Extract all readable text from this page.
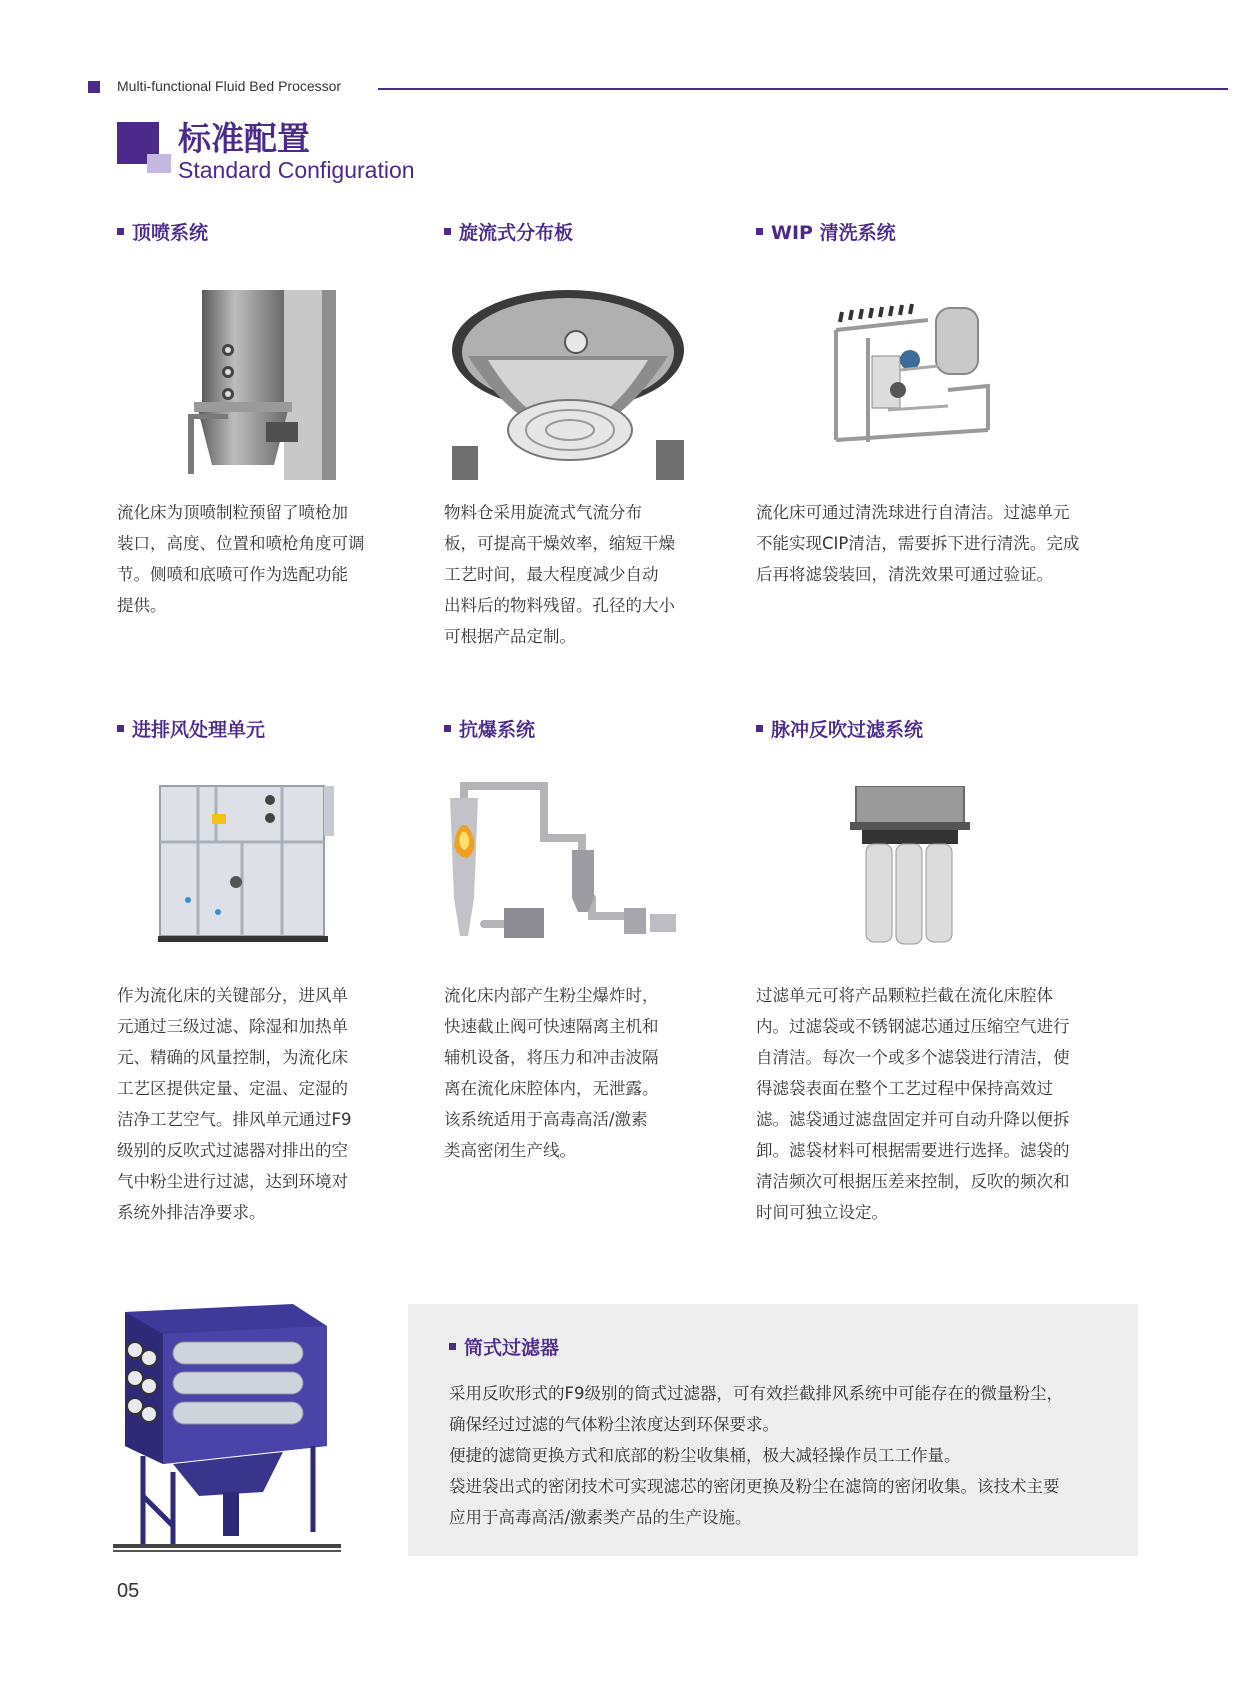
Multi-functional Fluid Bed Processor
标准配置
Standard Configuration
顶喷系统
流化床为顶喷制粒预留了喷枪加
装口，高度、位置和喷枪角度可调
节。侧喷和底喷可作为选配功能
提供。
旋流式分布板
物料仓采用旋流式气流分布
板，可提高干燥效率，缩短干燥
工艺时间，最大程度减少自动
出料后的物料残留。孔径的大小
可根据产品定制。
WIP 清洗系统
流化床可通过清洗球进行自清洁。过滤单元
不能实现CIP清洁，需要拆下进行清洗。完成
后再将滤袋装回，清洗效果可通过验证。
进排风处理单元
作为流化床的关键部分，进风单
元通过三级过滤、除湿和加热单
元、精确的风量控制，为流化床
工艺区提供定量、定温、定湿的
洁净工艺空气。排风单元通过F9
级别的反吹式过滤器对排出的空
气中粉尘进行过滤，达到环境对
系统外排洁净要求。
抗爆系统
流化床内部产生粉尘爆炸时，
快速截止阀可快速隔离主机和
辅机设备，将压力和冲击波隔
离在流化床腔体内，无泄露。
该系统适用于高毒高活/激素
类高密闭生产线。
脉冲反吹过滤系统
过滤单元可将产品颗粒拦截在流化床腔体
内。过滤袋或不锈钢滤芯通过压缩空气进行
自清洁。每次一个或多个滤袋进行清洁，使
得滤袋表面在整个工艺过程中保持高效过
滤。滤袋通过滤盘固定并可自动升降以便拆
卸。滤袋材料可根据需要进行选择。滤袋的
清洁频次可根据压差来控制，反吹的频次和
时间可独立设定。
筒式过滤器
采用反吹形式的F9级别的筒式过滤器，可有效拦截排风系统中可能存在的微量粉尘，
确保经过过滤的气体粉尘浓度达到环保要求。
便捷的滤筒更换方式和底部的粉尘收集桶，极大减轻操作员工工作量。
袋进袋出式的密闭技术可实现滤芯的密闭更换及粉尘在滤筒的密闭收集。该技术主要
应用于高毒高活/激素类产品的生产设施。
05
